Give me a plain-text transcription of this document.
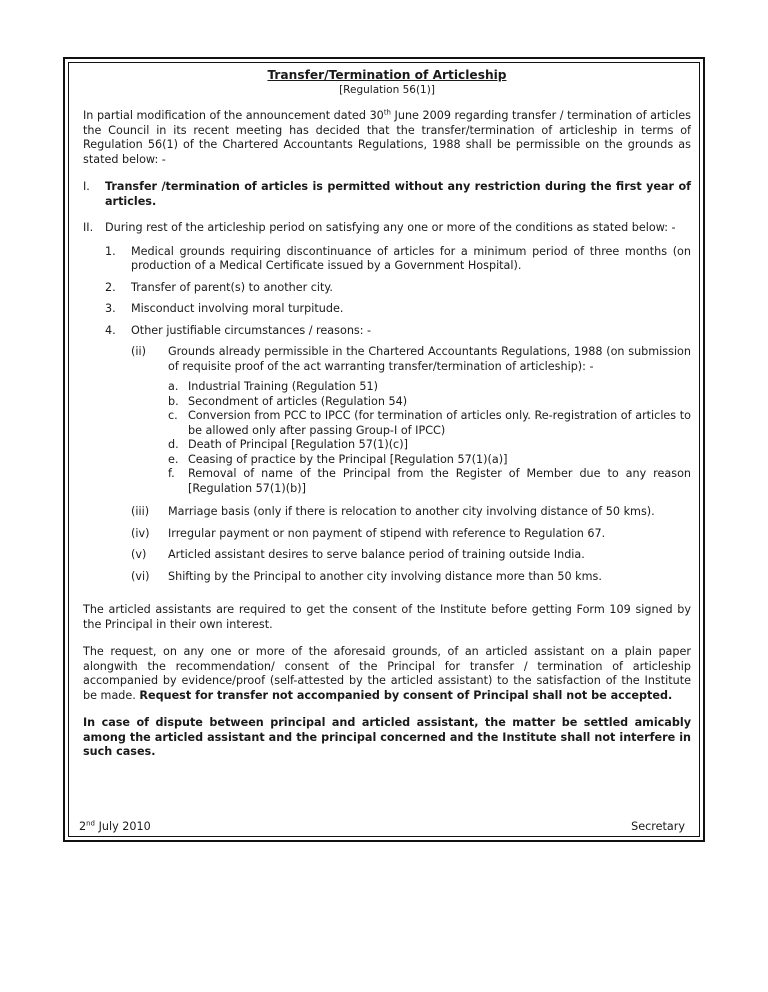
Transfer/Termination of Articleship
[Regulation 56(1)]

In partial modification of the announcement dated 30th June 2009 regarding transfer / termination of articles the Council in its recent meeting has decided that the transfer/termination of articleship in terms of Regulation 56(1) of the Chartered Accountants Regulations, 1988 shall be permissible on the grounds as stated below: -

I.	Transfer /termination of articles is permitted without any restriction during the first year of articles.
II.	During rest of the articleship period on satisfying any one or more of the conditions as stated below: -
1.	Medical grounds requiring discontinuance of articles for a minimum period of three months (on production of a Medical Certificate issued by a Government Hospital).
2.	Transfer of parent(s) to another city.
3.	Misconduct involving moral turpitude.
4.	Other justifiable circumstances / reasons: -
(ii)	Grounds already permissible in the Chartered Accountants Regulations, 1988 (on submission of requisite proof of the act warranting transfer/termination of articleship): -
a. Industrial Training (Regulation 51)
b. Secondment of articles (Regulation 54)
c. Conversion from PCC to IPCC (for termination of articles only. Re-registration of articles to be allowed only after passing Group-I of IPCC)
d. Death of Principal [Regulation 57(1)(c)]
e. Ceasing of practice by the Principal [Regulation 57(1)(a)]
f.	Removal of name of the Principal from the Register of Member due to any reason [Regulation 57(1)(b)]
(iii)	Marriage basis (only if there is relocation to another city involving distance of 50 kms).
(iv)	Irregular payment or non payment of stipend with reference to Regulation 67.
(v)	Articled assistant desires to serve balance period of training outside India.
(vi)	Shifting by the Principal to another city involving distance more than 50 kms.

The articled assistants are required to get the consent of the Institute before getting Form 109 signed by the Principal in their own interest.

The request, on any one or more of the aforesaid grounds, of an articled assistant on a plain paper alongwith the recommendation/ consent of the Principal for transfer / termination of articleship accompanied by evidence/proof (self-attested by the articled assistant) to the satisfaction of the Institute be made. Request for transfer not accompanied by consent of Principal shall not be accepted.

In case of dispute between principal and articled assistant, the matter be settled amicably among the articled assistant and the principal concerned and the Institute shall not interfere in such cases.

2nd July 2010	Secretary
